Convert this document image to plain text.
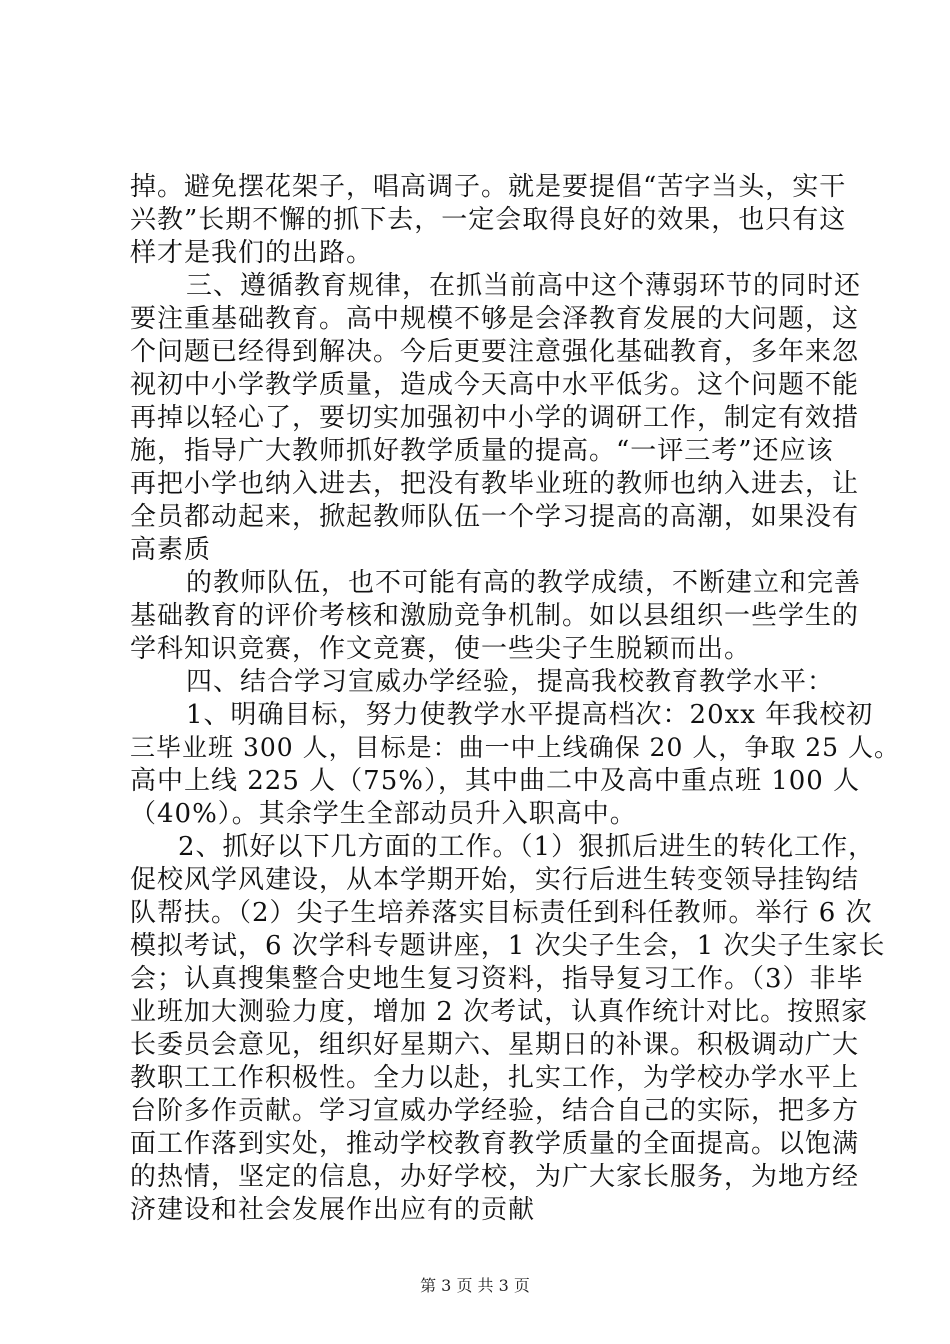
掉。避免摆花架子，唱高调子。就是要提倡“苦字当头，实干
兴教”长期不懈的抓下去，一定会取得良好的效果，也只有这
样才是我们的出路。
三、遵循教育规律，在抓当前高中这个薄弱环节的同时还
要注重基础教育。高中规模不够是会泽教育发展的大问题，这
个问题已经得到解决。今后更要注意强化基础教育，多年来忽
视初中小学教学质量，造成今天高中水平低劣。这个问题不能
再掉以轻心了，要切实加强初中小学的调研工作，制定有效措
施，指导广大教师抓好教学质量的提高。“一评三考”还应该
再把小学也纳入进去，把没有教毕业班的教师也纳入进去，让
全员都动起来，掀起教师队伍一个学习提高的高潮，如果没有
高素质
的教师队伍，也不可能有高的教学成绩，不断建立和完善
基础教育的评价考核和激励竞争机制。如以县组织一些学生的
学科知识竞赛，作文竞赛，使一些尖子生脱颖而出。
四、结合学习宣威办学经验，提高我校教育教学水平：
1、明确目标，努力使教学水平提高档次：20xx 年我校初
三毕业班 300 人，目标是：曲一中上线确保 20 人，争取 25 人。
高中上线 225 人（75%），其中曲二中及高中重点班 100 人
（40%）。其余学生全部动员升入职高中。
2、抓好以下几方面的工作。（1）狠抓后进生的转化工作，
促校风学风建设，从本学期开始，实行后进生转变领导挂钩结
队帮扶。（2）尖子生培养落实目标责任到科任教师。举行 6 次
模拟考试，6 次学科专题讲座，1 次尖子生会，1 次尖子生家长
会；认真搜集整合史地生复习资料，指导复习工作。（3）非毕
业班加大测验力度，增加 2 次考试，认真作统计对比。按照家
长委员会意见，组织好星期六、星期日的补课。积极调动广大
教职工工作积极性。全力以赴，扎实工作，为学校办学水平上
台阶多作贡献。学习宣威办学经验，结合自己的实际，把多方
面工作落到实处，推动学校教育教学质量的全面提高。以饱满
的热情，坚定的信息，办好学校，为广大家长服务，为地方经
济建设和社会发展作出应有的贡献
第 3 页 共 3 页
